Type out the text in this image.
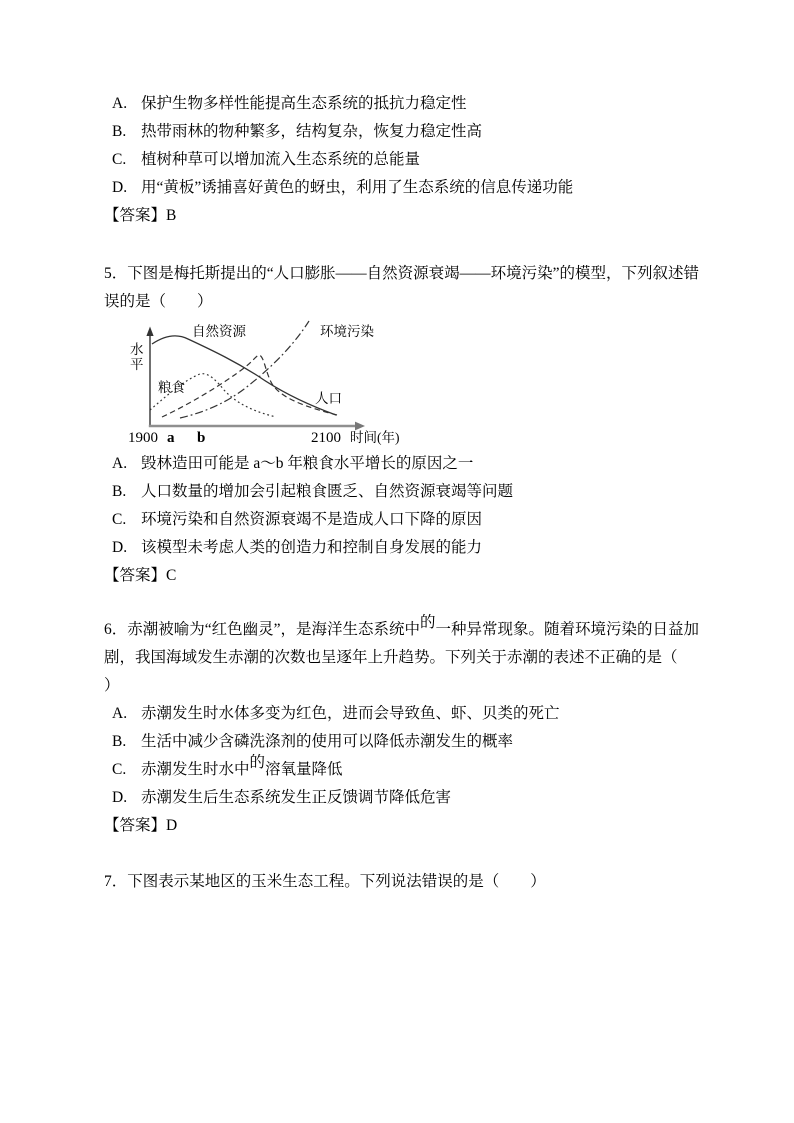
A. 保护生物多样性能提高生态系统的抵抗力稳定性
B. 热带雨林的物种繁多，结构复杂，恢复力稳定性高
C. 植树种草可以增加流入生态系统的总能量
D. 用“黄板”诱捕喜好黄色的蚜虫，利用了生态系统的信息传递功能
【答案】B
5．下图是梅托斯提出的“人口膨胀——自然资源衰竭——环境污染”的模型，下列叙述错
误的是（　　）
自然资源	环境污染
粮食
人口
水
平
1900 a b	2100 时间(年)
A. 毁林造田可能是 a～b 年粮食水平增长的原因之一
B. 人口数量的增加会引起粮食匮乏、自然资源衰竭等问题
C. 环境污染和自然资源衰竭不是造成人口下降的原因
D. 该模型未考虑人类的创造力和控制自身发展的能力
【答案】C
6．赤潮被喻为“红色幽灵”，是海洋生态系统中的一种异常现象。随着环境污染的日益加
剧，我国海域发生赤潮的次数也呈逐年上升趋势。下列关于赤潮的表述不正确的是（
）
A. 赤潮发生时水体多变为红色，进而会导致鱼、虾、贝类的死亡
B. 生活中减少含磷洗涤剂的使用可以降低赤潮发生的概率
C. 赤潮发生时水中的溶氧量降低
D. 赤潮发生后生态系统发生正反馈调节降低危害
【答案】D
7．下图表示某地区的玉米生态工程。下列说法错误的是（　　）
